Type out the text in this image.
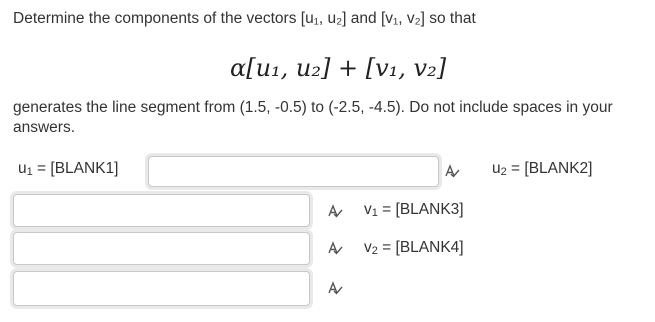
Determine the components of the vectors [u₁, u₂] and [v₁, v₂] so that
α[u₁, u₂] + [v₁, v₂]
generates the line segment from (1.5, -0.5) to (-2.5, -4.5). Do not include spaces in your answers.
$u_1$ = [BLANK1]	$u_2$ = [BLANK2]
$v_1$ = [BLANK3]
$v_2$ = [BLANK4]
